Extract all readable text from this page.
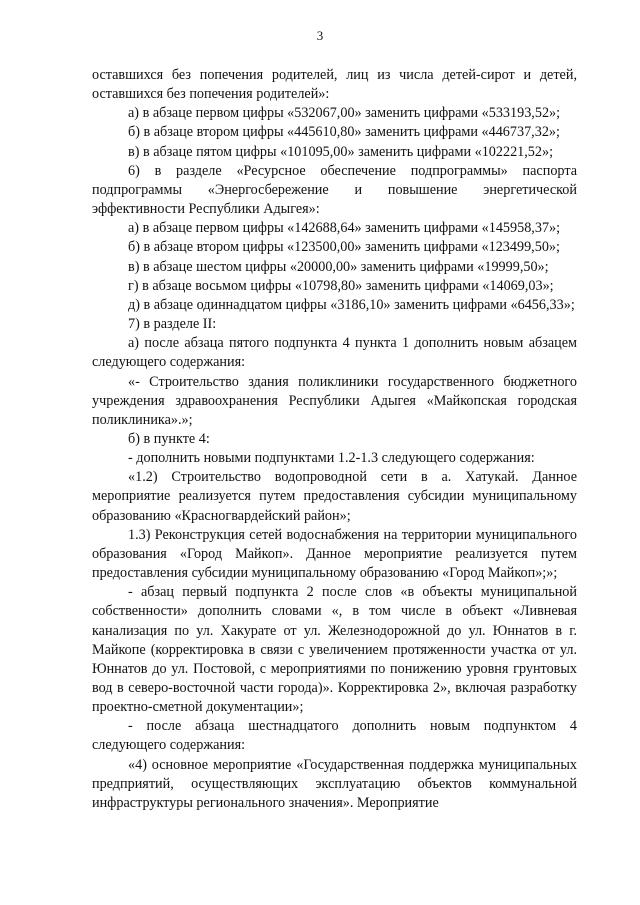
3

оставшихся без попечения родителей, лиц из числа детей-сирот и детей, оставшихся без попечения родителей»:

а) в абзаце первом цифры «532067,00» заменить цифрами «533193,52»;

б) в абзаце втором цифры «445610,80» заменить цифрами «446737,32»;

в) в абзаце пятом цифры «101095,00» заменить цифрами «102221,52»;

6) в разделе «Ресурсное обеспечение подпрограммы» паспорта подпрограммы «Энергосбережение и повышение энергетической эффективности Республики Адыгея»:

а) в абзаце первом цифры «142688,64» заменить цифрами «145958,37»;

б) в абзаце втором цифры «123500,00» заменить цифрами «123499,50»;

в) в абзаце шестом цифры «20000,00» заменить цифрами «19999,50»;

г) в абзаце восьмом цифры «10798,80» заменить цифрами «14069,03»;

д) в абзаце одиннадцатом цифры «3186,10» заменить цифрами «6456,33»;

7) в разделе II:

а) после абзаца пятого подпункта 4 пункта 1 дополнить новым абзацем следующего содержания:

«- Строительство здания поликлиники государственного бюджетного учреждения здравоохранения Республики Адыгея «Майкопская городская поликлиника».»;

б) в пункте 4:

- дополнить новыми подпунктами 1.2-1.3 следующего содержания:

«1.2) Строительство водопроводной сети в а. Хатукай. Данное мероприятие реализуется путем предоставления субсидии муниципальному образованию «Красногвардейский район»;

1.3) Реконструкция сетей водоснабжения на территории муниципального образования «Город Майкоп». Данное мероприятие реализуется путем предоставления субсидии муниципальному образованию «Город Майкоп»;»;

- абзац первый подпункта 2 после слов «в объекты муниципальной собственности» дополнить словами «, в том числе в объект «Ливневая канализация по ул. Хакурате от ул. Железнодорожной до ул. Юннатов в г. Майкопе (корректировка в связи с увеличением протяженности участка от ул. Юннатов до ул. Постовой, с мероприятиями по понижению уровня грунтовых вод в северо-восточной части города)». Корректировка 2», включая разработку проектно-сметной документации»;

- после абзаца шестнадцатого дополнить новым подпунктом 4 следующего содержания:

«4) основное мероприятие «Государственная поддержка муниципальных предприятий, осуществляющих эксплуатацию объектов коммунальной инфраструктуры регионального значения». Мероприятие
